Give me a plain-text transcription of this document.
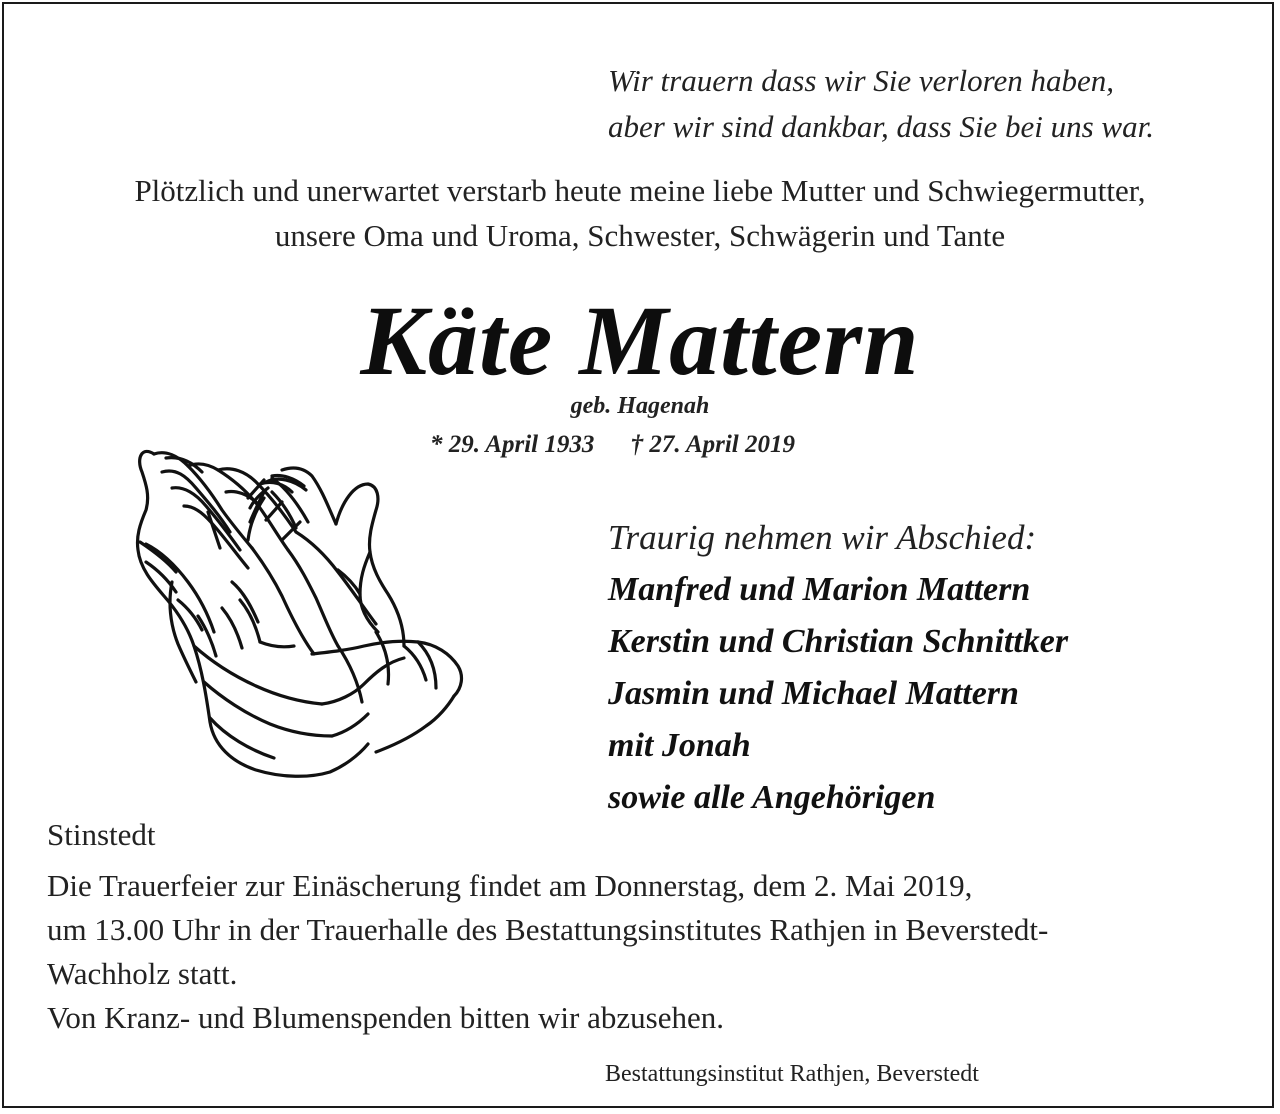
Wir trauern dass wir Sie verloren haben,
aber wir sind dankbar, dass Sie bei uns war.
Plötzlich und unerwartet verstarb heute meine liebe Mutter und Schwiegermutter,
unsere Oma und Uroma, Schwester, Schwägerin und Tante
Käte Mattern
geb. Hagenah
* 29. April 1933 † 27. April 2019
Traurig nehmen wir Abschied:
Manfred und Marion Mattern
Kerstin und Christian Schnittker
Jasmin und Michael Mattern
mit Jonah
sowie alle Angehörigen
Stinstedt
Die Trauerfeier zur Einäscherung findet am Donnerstag, dem 2. Mai 2019,
um 13.00 Uhr in der Trauerhalle des Bestattungsinstitutes Rathjen in Beverstedt-
Wachholz statt.
Von Kranz- und Blumenspenden bitten wir abzusehen.
Bestattungsinstitut Rathjen, Beverstedt
